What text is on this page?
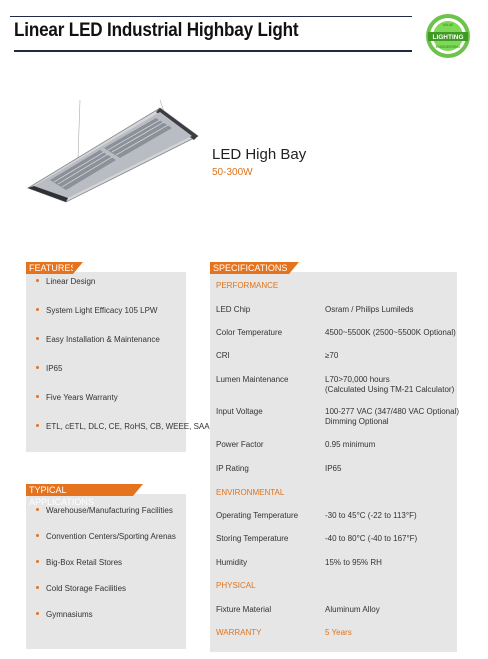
Linear LED Industrial Highbay Light	LIGHTING
VALUE
ENGINEERING
LED High Bay
50-300W
Linear Design
System Light Efficacy 105 LPW
Easy Installation & Maintenance
IP65
Five Years Warranty
ETL, cETL, DLC, CE, RoHS, CB, WEEE, SAA
FEATURES
Warehouse/Manufacturing Facilities
Convention Centers/Sporting Arenas
Big-Box Retail Stores
Cold Storage Facilities
Gymnasiums
TYPICAL APPLICATIONS
PERFORMANCE
LED Chip	Osram / Philips Lumileds
Color Temperature	4500~5500K (2500~5500K Optional)
CRI	≥70
Lumen Maintenance	L70>70,000 hours
(Calculated Using TM-21 Calculator)
Input Voltage	100-277 VAC (347/480 VAC Optional)
Dimming Optional
Power Factor	0.95 minimum
IP Rating	IP65
ENVIRONMENTAL
Operating Temperature	-30 to 45°C (-22 to 113°F)
Storing Temperature	-40 to 80°C (-40 to 167°F)
Humidity	15% to 95% RH
PHYSICAL
Fixture Material	Aluminum Alloy
WARRANTY	5 Years
SPECIFICATIONS
